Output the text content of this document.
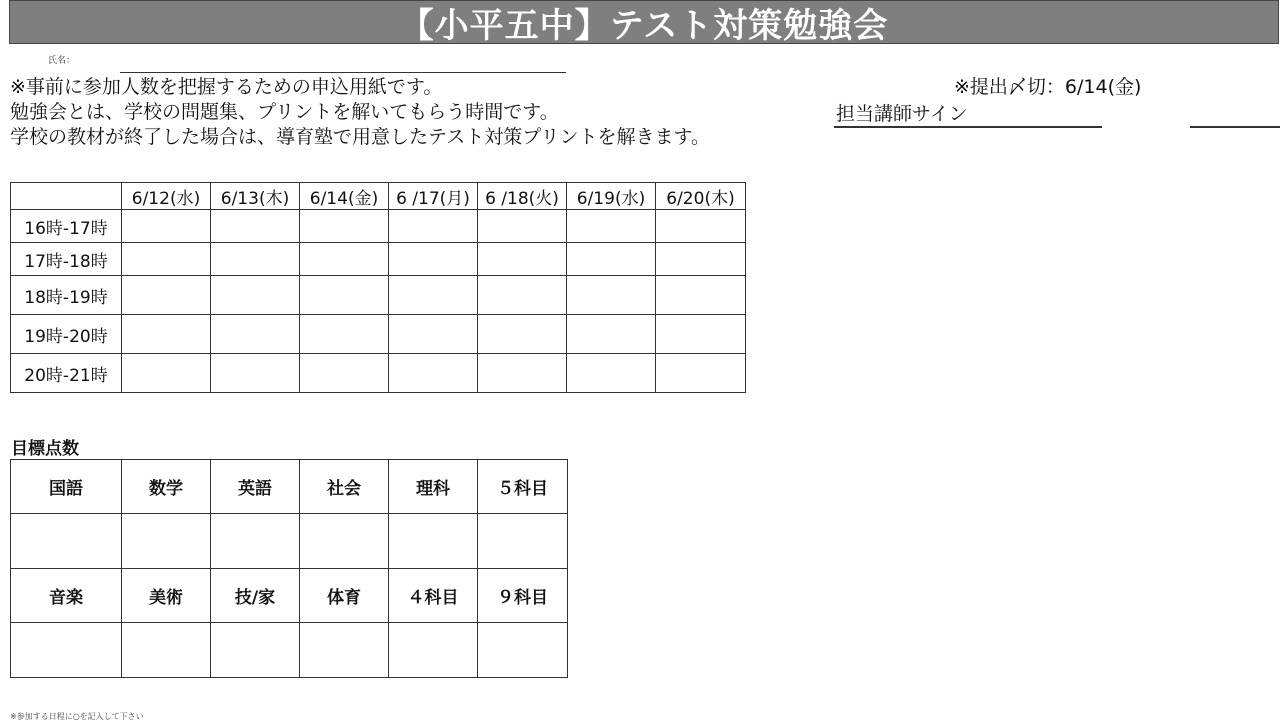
【小平五中】テスト対策勉強会
氏名：
※事前に参加人数を把握するための申込用紙です。
勉強会とは、学校の問題集、プリントを解いてもらう時間です。
学校の教材が終了した場合は、導育塾で用意したテスト対策プリントを解きます。
※提出〆切：6/14(金)
担当講師サイン
	6/12(水)	6/13(木)	6/14(金)	6 /17(月)	6 /18(火)	6/19(水)	6/20(木)
16時-17時							
17時-18時							
18時-19時							
19時-20時							
20時-21時							
目標点数
国語	数学	英語	社会	理科	５科目

音楽	美術	技/家	体育	４科目	９科目

※参加する日程に○を記入して下さい
